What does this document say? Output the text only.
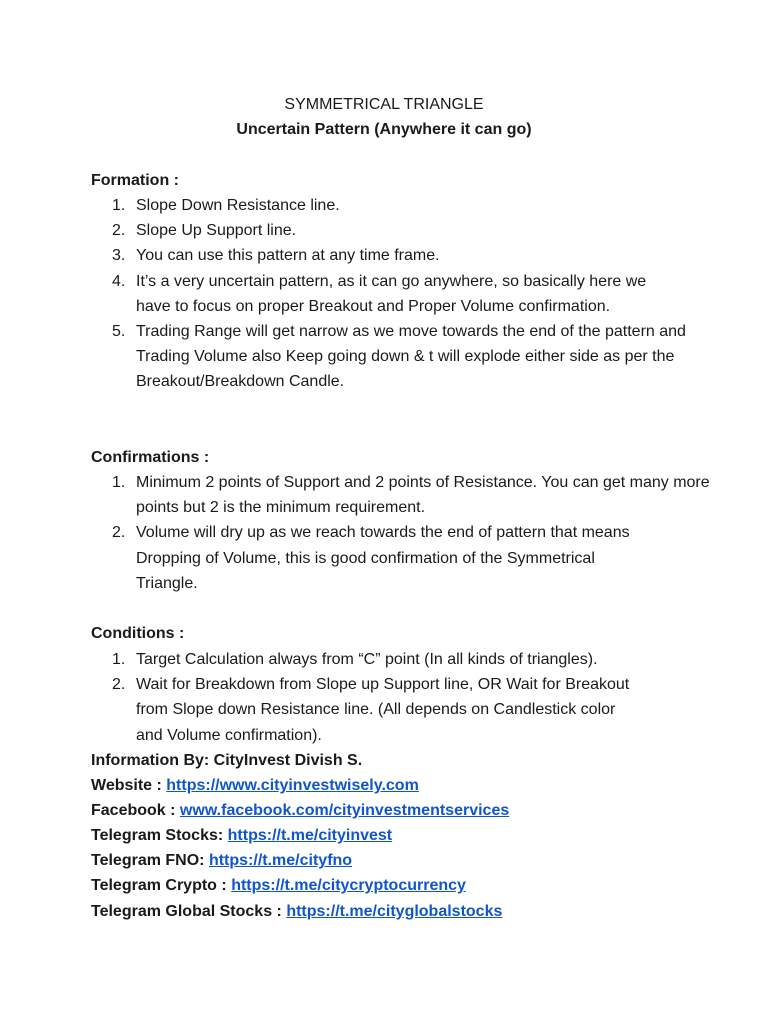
SYMMETRICAL TRIANGLE
Uncertain Pattern (Anywhere it can go)
Formation :
1. Slope Down Resistance line.
2. Slope Up Support line.
3. You can use this pattern at any time frame.
4. It’s a very uncertain pattern, as it can go anywhere, so basically here we have to focus on proper Breakout and Proper Volume confirmation.
5. Trading Range will get narrow as we move towards the end of the pattern and Trading Volume also Keep going down & t will explode either side as per the Breakout/Breakdown Candle.
Confirmations :
1. Minimum 2 points of Support and 2 points of Resistance. You can get many more points but 2 is the minimum requirement.
2. Volume will dry up as we reach towards the end of pattern that means Dropping of Volume, this is good confirmation of the Symmetrical Triangle.
Conditions :
1. Target Calculation always from “C” point (In all kinds of triangles).
2. Wait for Breakdown from Slope up Support line, OR Wait for Breakout from Slope down Resistance line. (All depends on Candlestick color and Volume confirmation).
Information By: CityInvest Divish S.
Website : https://www.cityinvestwisely.com
Facebook : www.facebook.com/cityinvestmentservices
Telegram Stocks: https://t.me/cityinvest
Telegram FNO: https://t.me/cityfno
Telegram Crypto : https://t.me/citycryptocurrency
Telegram Global Stocks : https://t.me/cityglobalstocks
